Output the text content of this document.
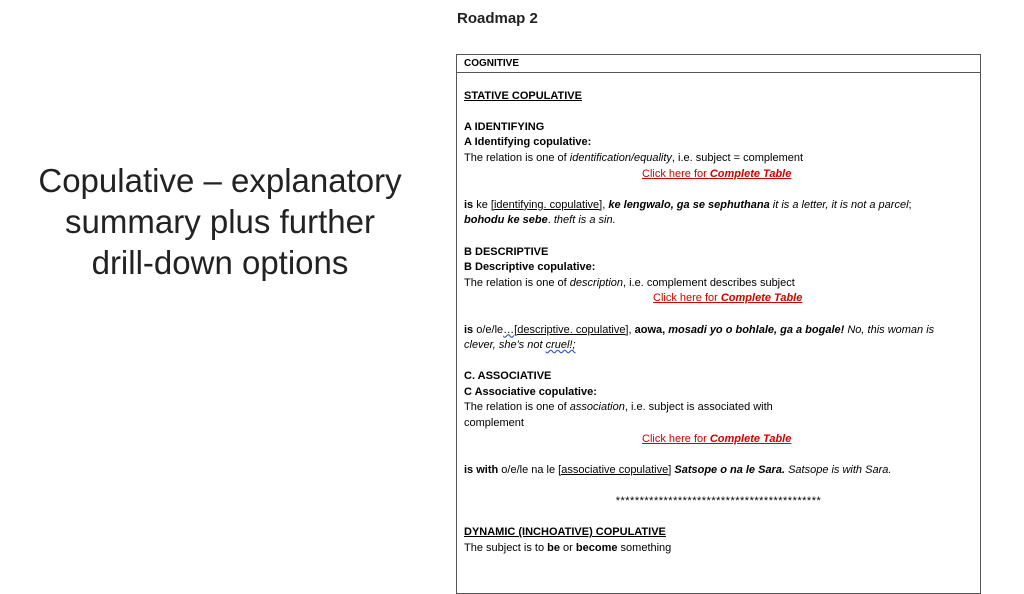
Copulative – explanatory summary plus further drill-down options
Roadmap 2
COGNITIVE
STATIVE COPULATIVE
A IDENTIFYING
A Identifying copulative:
The relation is one of identification/equality, i.e. subject = complement
Click here for Complete Table
is ke [identifying. copulative], ke lengwalo, ga se sephuthana it is a letter, it is not a parcel;
bohodu ke sebe. theft is a sin.
B DESCRIPTIVE
B Descriptive copulative:
The relation is one of description, i.e. complement describes subject
Click here for Complete Table
is o/e/le…[descriptive. copulative], aowa, mosadi yo o bohlale, ga a bogale! No, this woman is
clever, she's not cruel!;
C. ASSOCIATIVE
C Associative copulative:
The relation is one of association, i.e. subject is associated with
complement
Click here for Complete Table
is with o/e/le na le [associative copulative] Satsope o na le Sara. Satsope is with Sara.
*******************************************
DYNAMIC (INCHOATIVE) COPULATIVE
The subject is to be or become something
